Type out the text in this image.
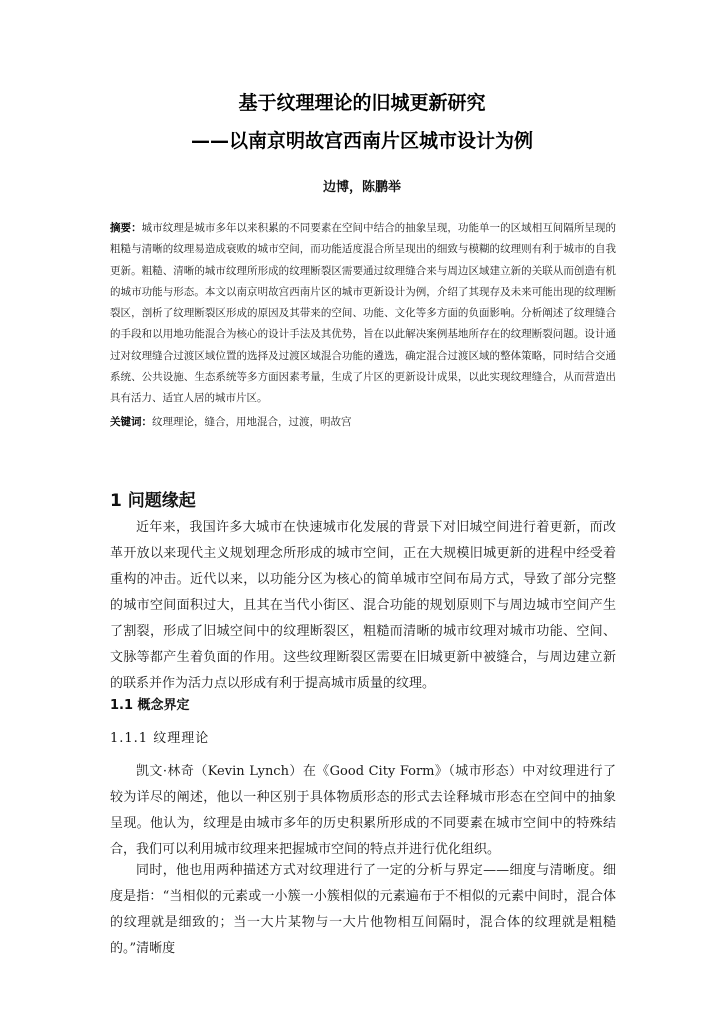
基于纹理理论的旧城更新研究
——以南京明故宫西南片区城市设计为例
边博，陈鹏举
摘要：城市纹理是城市多年以来积累的不同要素在空间中结合的抽象呈现，功能单一的区域相互间隔所呈现的粗糙与清晰的纹理易造成衰败的城市空间，而功能适度混合所呈现出的细致与模糊的纹理则有利于城市的自我更新。粗糙、清晰的城市纹理所形成的纹理断裂区需要通过纹理缝合来与周边区域建立新的关联从而创造有机的城市功能与形态。本文以南京明故宫西南片区的城市更新设计为例，介绍了其现存及未来可能出现的纹理断裂区，剖析了纹理断裂区形成的原因及其带来的空间、功能、文化等多方面的负面影响。分析阐述了纹理缝合的手段和以用地功能混合为核心的设计手法及其优势，旨在以此解决案例基地所存在的纹理断裂问题。设计通过对纹理缝合过渡区域位置的选择及过渡区域混合功能的遴选，确定混合过渡区域的整体策略，同时结合交通系统、公共设施、生态系统等多方面因素考量，生成了片区的更新设计成果，以此实现纹理缝合，从而营造出具有活力、适宜人居的城市片区。
关键词：纹理理论，缝合，用地混合，过渡，明故宫
1 问题缘起
近年来，我国许多大城市在快速城市化发展的背景下对旧城空间进行着更新，而改革开放以来现代主义规划理念所形成的城市空间，正在大规模旧城更新的进程中经受着重构的冲击。近代以来，以功能分区为核心的简单城市空间布局方式，导致了部分完整的城市空间面积过大，且其在当代小街区、混合功能的规划原则下与周边城市空间产生了割裂，形成了旧城空间中的纹理断裂区，粗糙而清晰的城市纹理对城市功能、空间、文脉等都产生着负面的作用。这些纹理断裂区需要在旧城更新中被缝合，与周边建立新的联系并作为活力点以形成有利于提高城市质量的纹理。
1.1 概念界定
1.1.1 纹理理论
凯文·林奇（Kevin Lynch）在《Good City Form》（城市形态）中对纹理进行了较为详尽的阐述，他以一种区别于具体物质形态的形式去诠释城市形态在空间中的抽象呈现。他认为，纹理是由城市多年的历史积累所形成的不同要素在城市空间中的特殊结合，我们可以利用城市纹理来把握城市空间的特点并进行优化组织。
同时，他也用两种描述方式对纹理进行了一定的分析与界定——细度与清晰度。细度是指：“当相似的元素或一小簇一小簇相似的元素遍布于不相似的元素中间时，混合体的纹理就是细致的；当一大片某物与一大片他物相互间隔时，混合体的纹理就是粗糙的。”清晰度
